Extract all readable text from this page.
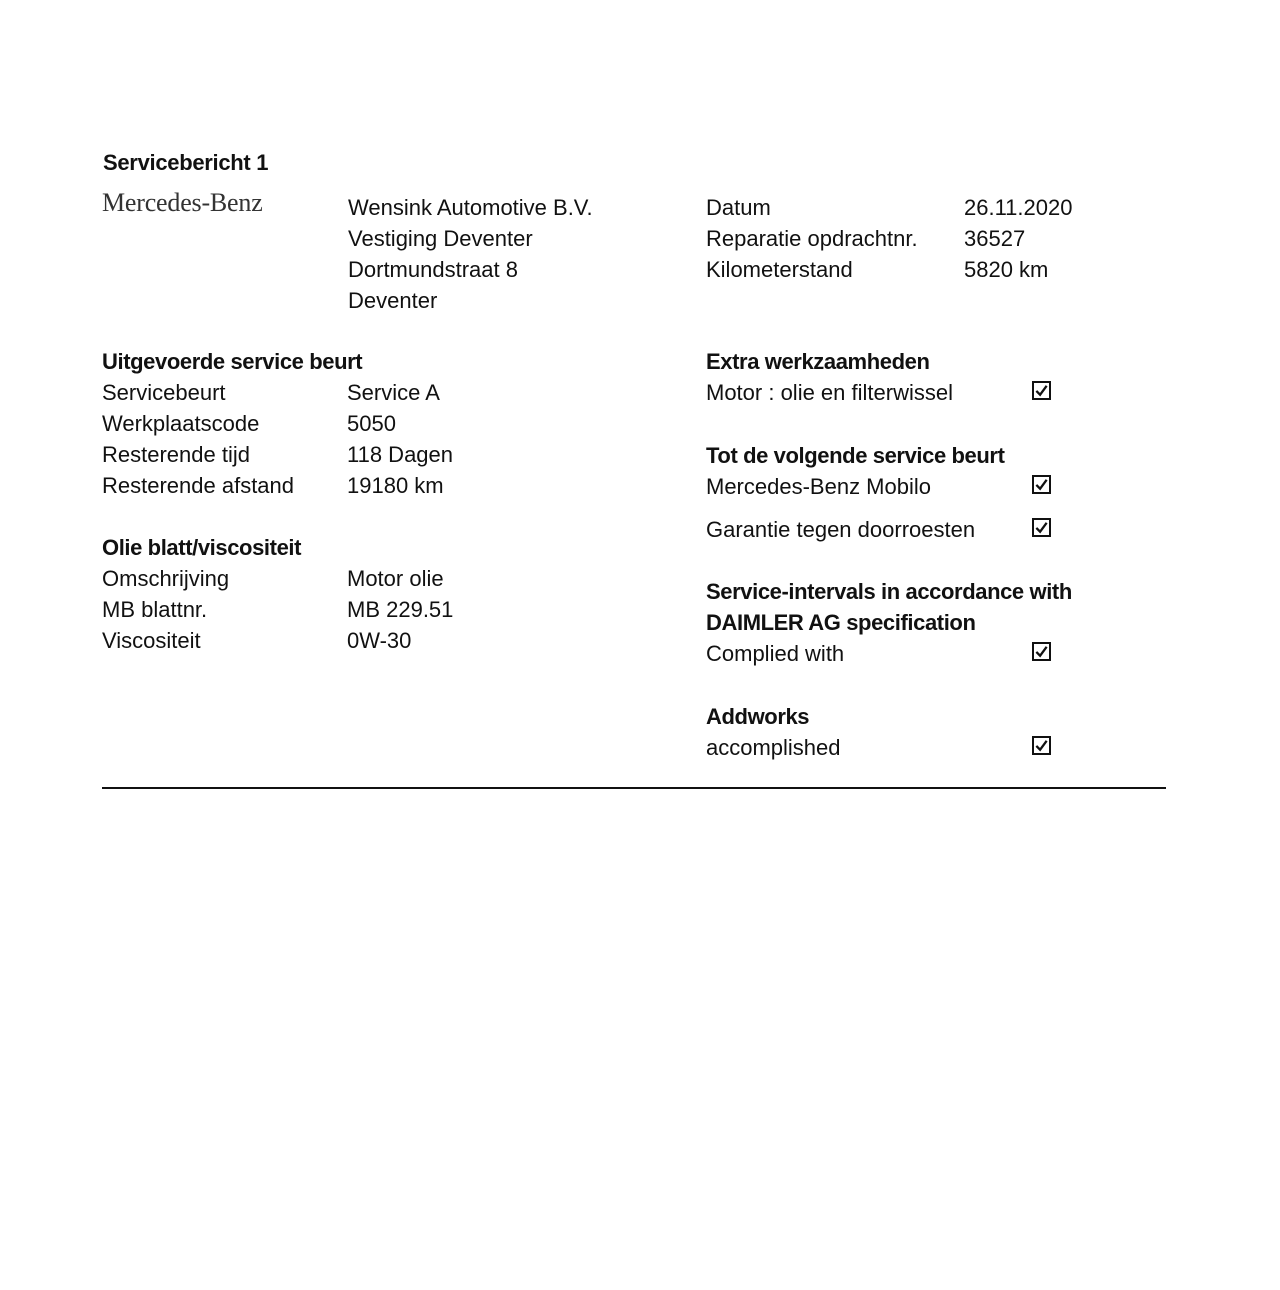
Servicebericht 1
Mercedes-Benz	Wensink Automotive B.V.
Vestiging Deventer
Dortmundstraat 8
Deventer
Datum	26.11.2020
Reparatie opdrachtnr.	36527
Kilometerstand	5820 km
Uitgevoerde service beurt
Servicebeurt	Service A
Werkplaatscode	5050
Resterende tijd	118 Dagen
Resterende afstand	19180 km
Olie blatt/viscositeit
Omschrijving	Motor olie
MB blattnr.	MB 229.51
Viscositeit	0W-30
Extra werkzaamheden
Motor : olie en filterwissel
Tot de volgende service beurt
Mercedes-Benz Mobilo
Garantie tegen doorroesten
Service-intervals in accordance with
DAIMLER AG specification
Complied with
Addworks
accomplished
